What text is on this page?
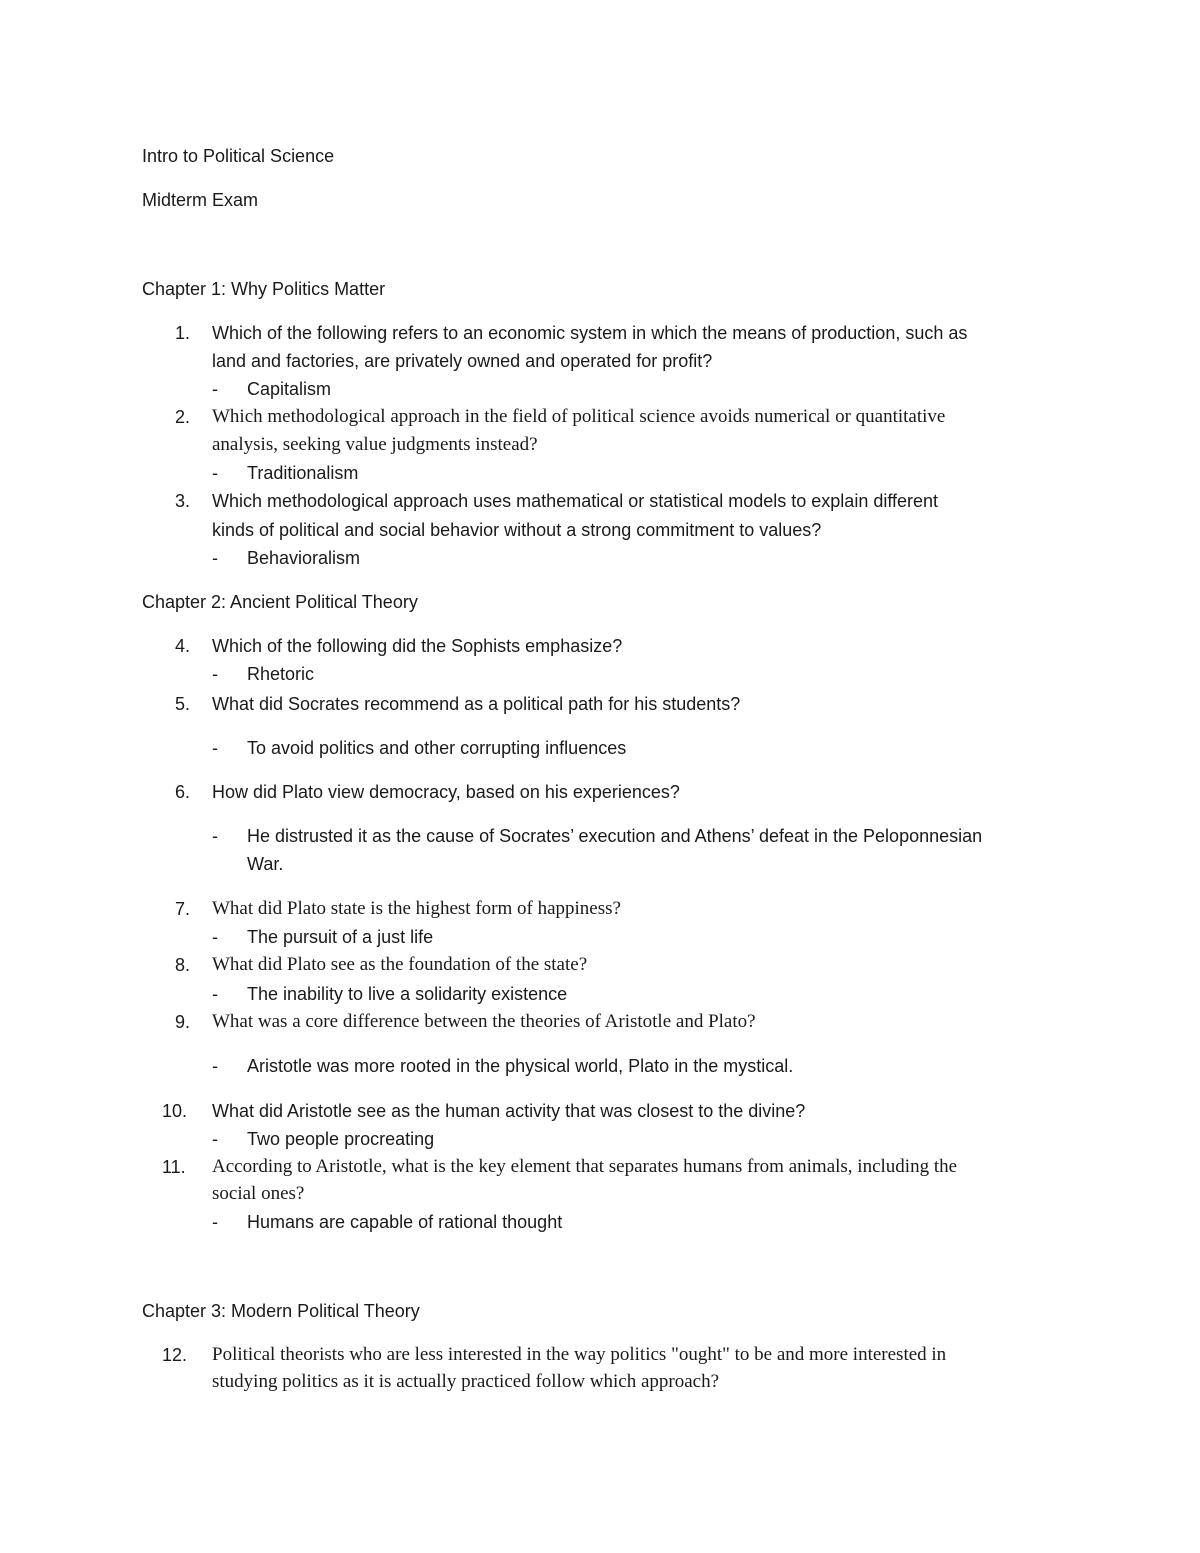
Intro to Political Science
Midterm Exam
Chapter 1: Why Politics Matter
1. Which of the following refers to an economic system in which the means of production, such as
land and factories, are privately owned and operated for profit?
- Capitalism
2. Which methodological approach in the field of political science avoids numerical or quantitative
analysis, seeking value judgments instead?
- Traditionalism
3. Which methodological approach uses mathematical or statistical models to explain different
kinds of political and social behavior without a strong commitment to values?
- Behavioralism
Chapter 2: Ancient Political Theory
4. Which of the following did the Sophists emphasize?
- Rhetoric
5. What did Socrates recommend as a political path for his students?
- To avoid politics and other corrupting influences
6. How did Plato view democracy, based on his experiences?
- He distrusted it as the cause of Socrates’ execution and Athens’ defeat in the Peloponnesian
War.
7. What did Plato state is the highest form of happiness?
- The pursuit of a just life
8. What did Plato see as the foundation of the state?
- The inability to live a solidarity existence
9. What was a core difference between the theories of Aristotle and Plato?
- Aristotle was more rooted in the physical world, Plato in the mystical.
10. What did Aristotle see as the human activity that was closest to the divine?
- Two people procreating
11. According to Aristotle, what is the key element that separates humans from animals, including the
social ones?
- Humans are capable of rational thought
Chapter 3: Modern Political Theory
12. Political theorists who are less interested in the way politics "ought" to be and more interested in
studying politics as it is actually practiced follow which approach?
